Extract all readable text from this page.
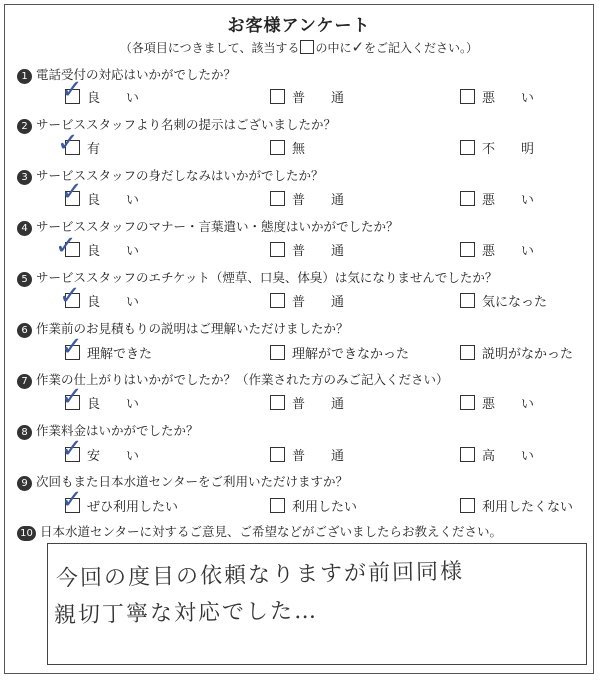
お客様アンケート
（各項目につきまして、該当する の中に✓をご記入ください。）
1 電話受付の対応はいかがでしたか？
良　　い	普　　通	悪　　い
✓
2 サービススタッフより名刺の提示はございましたか？
有	無	不　　明
✓
3 サービススタッフの身だしなみはいかがでしたか？
良　　い	普　　通	悪　　い
✓
4 サービススタッフのマナー・言葉遣い・態度はいかがでしたか？
良　　い	普　　通	悪　　い
✓
5 サービススタッフのエチケット（煙草、口臭、体臭）は気になりませんでしたか？
良　　い	普　　通	気になった
✓
6 作業前のお見積もりの説明はご理解いただけましたか？
理解できた	理解ができなかった	説明がなかった
✓
7 作業の仕上がりはいかがでしたか？（作業された方のみご記入ください）
良　　い	普　　通	悪　　い
✓
8 作業料金はいかがでしたか？
安　　い	普　　通	高　　い
✓
9 次回もまた日本水道センターをご利用いただけますか？
ぜひ利用したい	利用したい	利用したくない
✓
10 日本水道センターに対するご意見、ご希望などがございましたらお教えください。
今回の度目の依頼なりますが前回同様
親切丁寧な対応でした…
